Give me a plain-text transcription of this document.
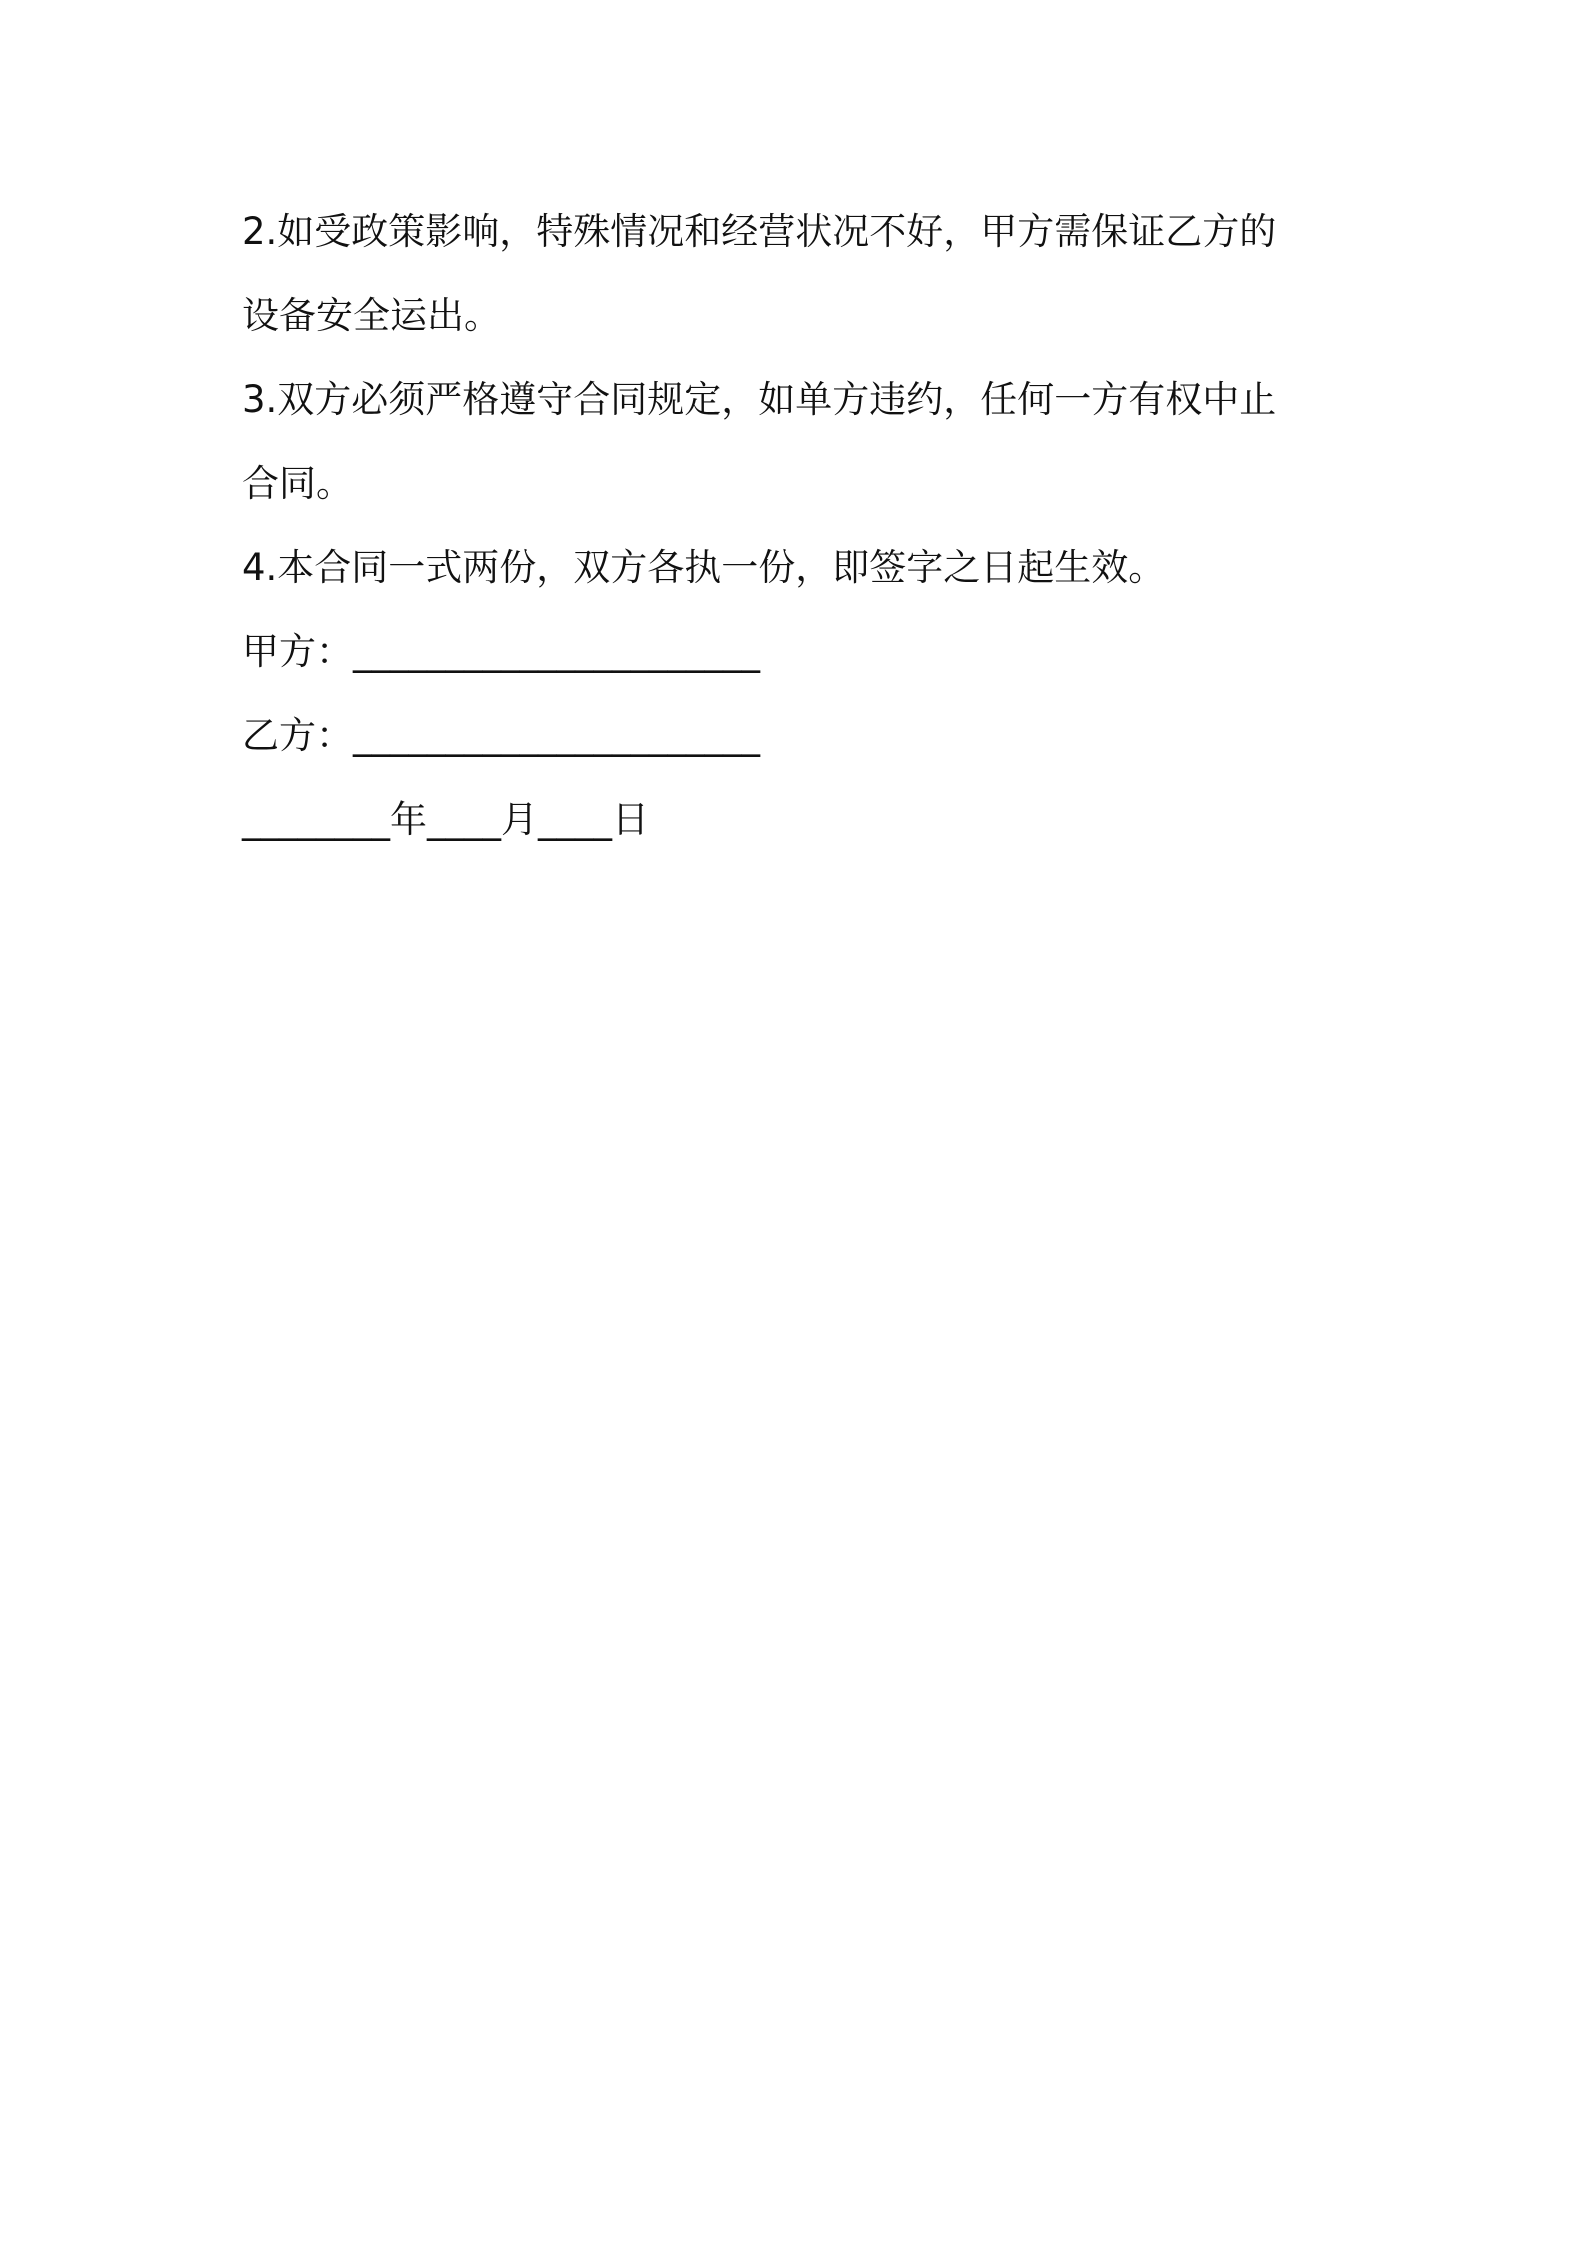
2.如受政策影响，特殊情况和经营状况不好，甲方需保证乙方的

设备安全运出。

3.双方必须严格遵守合同规定，如单方违约，任何一方有权中止

合同。

4.本合同一式两份，双方各执一份，即签字之日起生效。

甲方：______________________

乙方：______________________

________年____月____日
